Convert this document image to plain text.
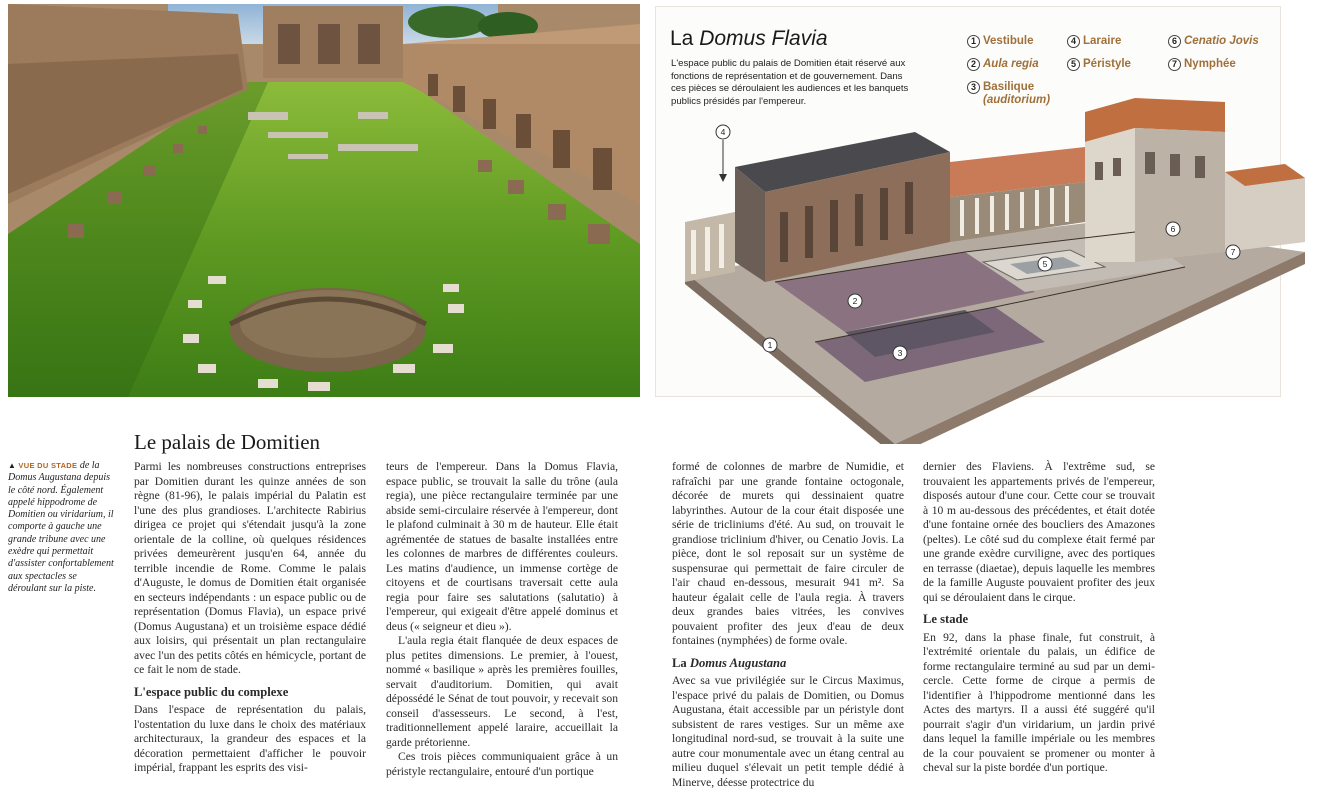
La Domus Flavia
L'espace public du palais de Domitien était réservé aux fonctions de représentation et de gouvernement. Dans ces pièces se déroulaient les audiences et les banquets publics présidés par l'empereur.
1 Vestibule
2 Aula regia
3 Basilique
(auditorium)
4 Laraire
5 Péristyle
6 Cenatio Jovis
7 Nymphée
4
1
2
3
5
6
7
▲ VUE DU STADE de la Domus Augustana depuis le côté nord. Également appelé hippodrome de Domitien ou viridarium, il comporte à gauche une grande tribune avec une exèdre qui permettait d'assister confortablement aux spectacles se déroulant sur la piste.
Le palais de Domitien

Parmi les nombreuses constructions entreprises par Domitien durant les quinze années de son règne (81-96), le palais impérial du Palatin est l'une des plus grandioses. L'architecte Rabirius dirigea ce projet qui s'étendait jusqu'à la zone orientale de la colline, où quelques résidences privées demeurèrent jusqu'en 64, année du terrible incendie de Rome. Comme le palais d'Auguste, le domus de Domitien était organisée en secteurs indépendants : un espace public ou de représentation (Domus Flavia), un espace privé (Domus Augustana) et un troisième espace dédié aux loisirs, qui présentait un plan rectangulaire avec l'un des petits côtés en hémicycle, portant de ce fait le nom de stade.

L'espace public du complexe

Dans l'espace de représentation du palais, l'ostentation du luxe dans le choix des matériaux architecturaux, la grandeur des espaces et la décoration permettaient d'afficher le pouvoir impérial, frappant les esprits des visi-

teurs de l'empereur. Dans la Domus Flavia, espace public, se trouvait la salle du trône (aula regia), une pièce rectangulaire terminée par une abside semi-circulaire réservée à l'empereur, dont le plafond culminait à 30 m de hauteur. Elle était agrémentée de statues de basalte installées entre les colonnes de marbres de différentes couleurs. Les matins d'audience, un immense cortège de citoyens et de courtisans traversait cette aula regia pour faire ses salutations (salutatio) à l'empereur, qui exigeait d'être appelé dominus et deus (« seigneur et dieu »).

L'aula regia était flanquée de deux espaces de plus petites dimensions. Le premier, à l'ouest, nommé « basilique » après les premières fouilles, servait d'auditorium. Domitien, qui avait dépossédé le Sénat de tout pouvoir, y recevait son conseil d'assesseurs. Le second, à l'est, traditionnellement appelé laraire, accueillait la garde prétorienne.

Ces trois pièces communiquaient grâce à un péristyle rectangulaire, entouré d'un portique

formé de colonnes de marbre de Numidie, et rafraîchi par une grande fontaine octogonale, décorée de murets qui dessinaient quatre labyrinthes. Autour de la cour était disposée une série de tricliniums d'été. Au sud, on trouvait le grandiose triclinium d'hiver, ou Cenatio Jovis. La pièce, dont le sol reposait sur un système de suspensurae qui permettait de faire circuler de l'air chaud en-dessous, mesurait 941 m². Sa hauteur égalait celle de l'aula regia. À travers deux grandes baies vitrées, les convives pouvaient profiter des jeux d'eau de deux fontaines (nymphées) de forme ovale.

La Domus Augustana

Avec sa vue privilégiée sur le Circus Maximus, l'espace privé du palais de Domitien, ou Domus Augustana, était accessible par un péristyle dont subsistent de rares vestiges. Sur un même axe longitudinal nord-sud, se trouvait à la suite une autre cour monumentale avec un étang central au milieu duquel s'élevait un petit temple dédié à Minerve, déesse protectrice du

dernier des Flaviens. À l'extrême sud, se trouvaient les appartements privés de l'empereur, disposés autour d'une cour. Cette cour se trouvait à 10 m au-dessous des précédentes, et était dotée d'une fontaine ornée des boucliers des Amazones (peltes). Le côté sud du complexe était fermé par une grande exèdre curviligne, avec des portiques en terrasse (diaetae), depuis laquelle les membres de la famille Auguste pouvaient profiter des jeux qui se déroulaient dans le cirque.

Le stade

En 92, dans la phase finale, fut construit, à l'extrémité orientale du palais, un édifice de forme rectangulaire terminé au sud par un demi-cercle. Cette forme de cirque a permis de l'identifier à l'hippodrome mentionné dans les Actes des martyrs. Il a aussi été suggéré qu'il pourrait s'agir d'un viridarium, un jardin privé dans lequel la famille impériale ou les membres de la cour pouvaient se promener ou monter à cheval sur la piste bordée d'un portique.
